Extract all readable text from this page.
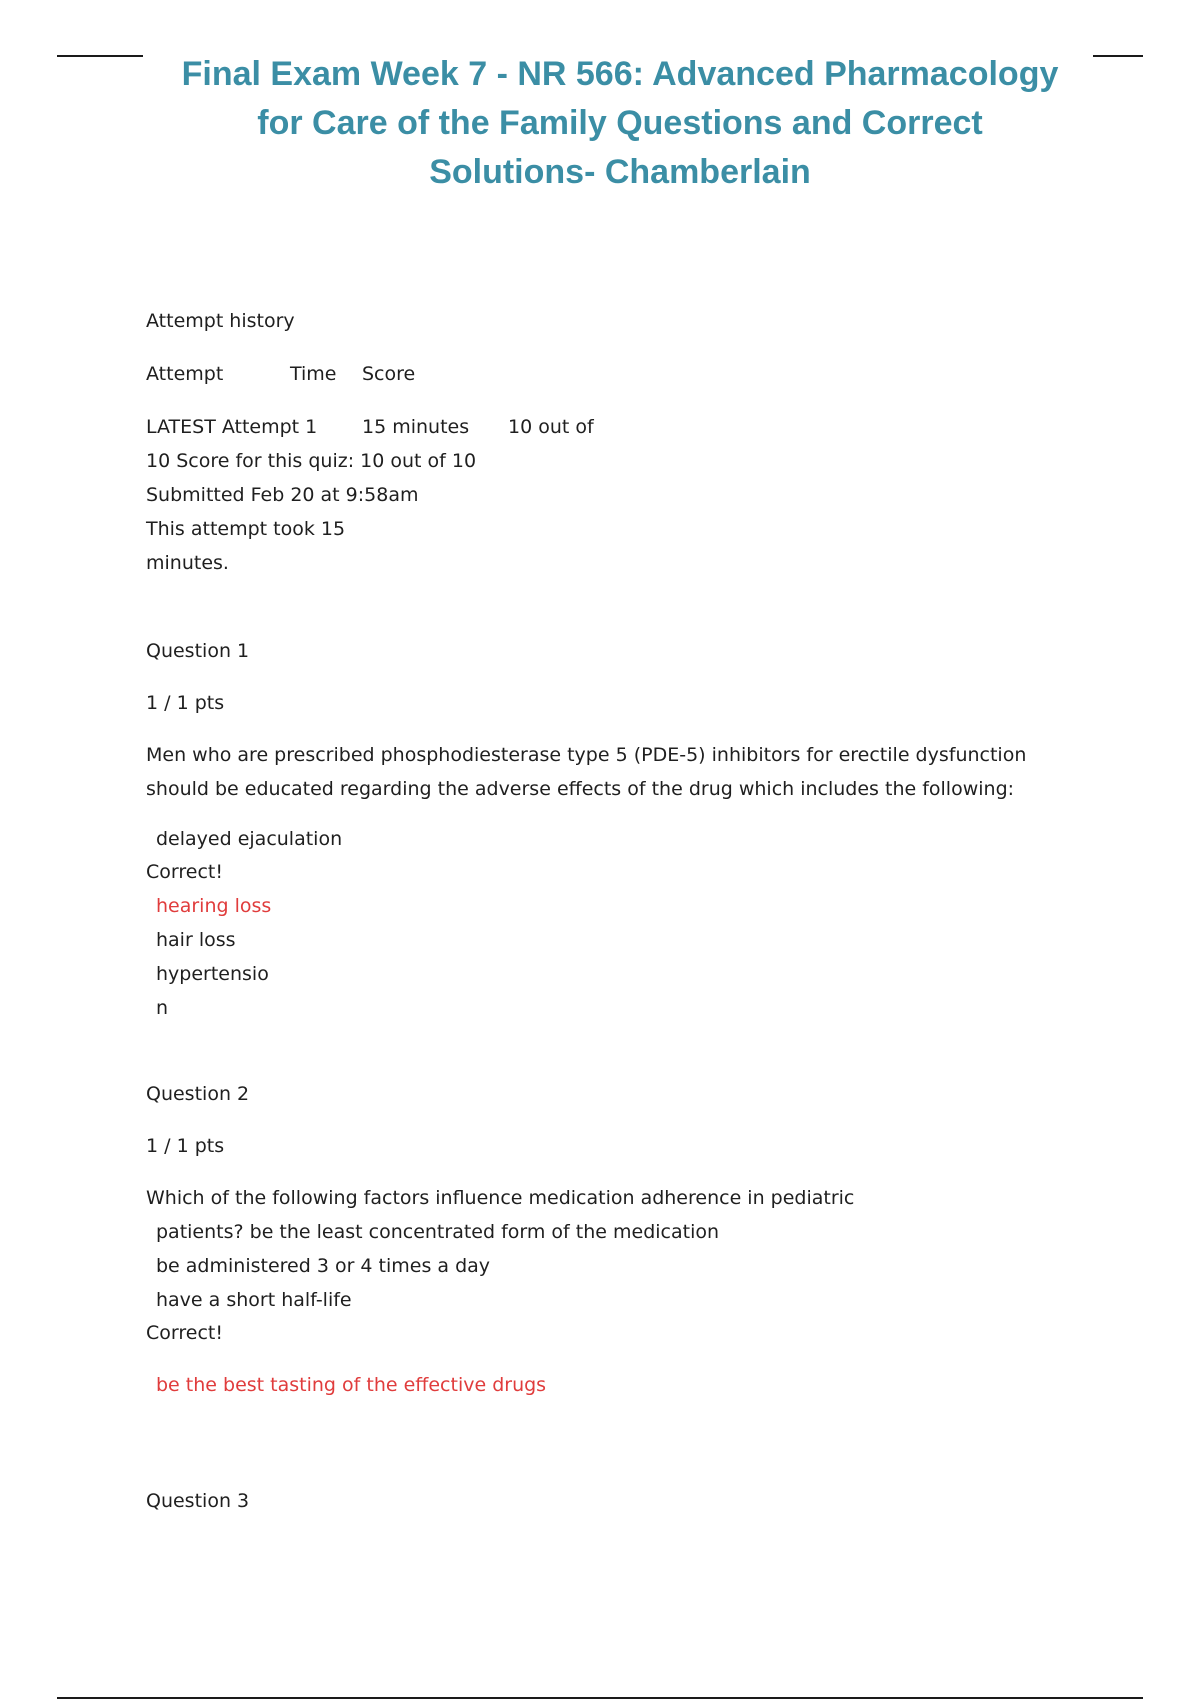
Final Exam Week 7 - NR 566: Advanced Pharmacology
for Care of the Family Questions and Correct
Solutions- Chamberlain
Attempt history
Attempt	Time Score
LATEST Attempt 1 15 minutes 10 out of
10 Score for this quiz: 10 out of 10
Submitted Feb 20 at 9:58am
This attempt took 15
minutes.
Question 1
1 / 1 pts
Men who are prescribed phosphodiesterase type 5 (PDE-5) inhibitors for erectile dysfunction
should be educated regarding the adverse effects of the drug which includes the following:
delayed ejaculation
Correct!
hearing loss
hair loss
hypertensio
n
Question 2
1 / 1 pts
Which of the following factors influence medication adherence in pediatric
patients? be the least concentrated form of the medication
be administered 3 or 4 times a day
have a short half-life
Correct!
be the best tasting of the effective drugs
Question 3
